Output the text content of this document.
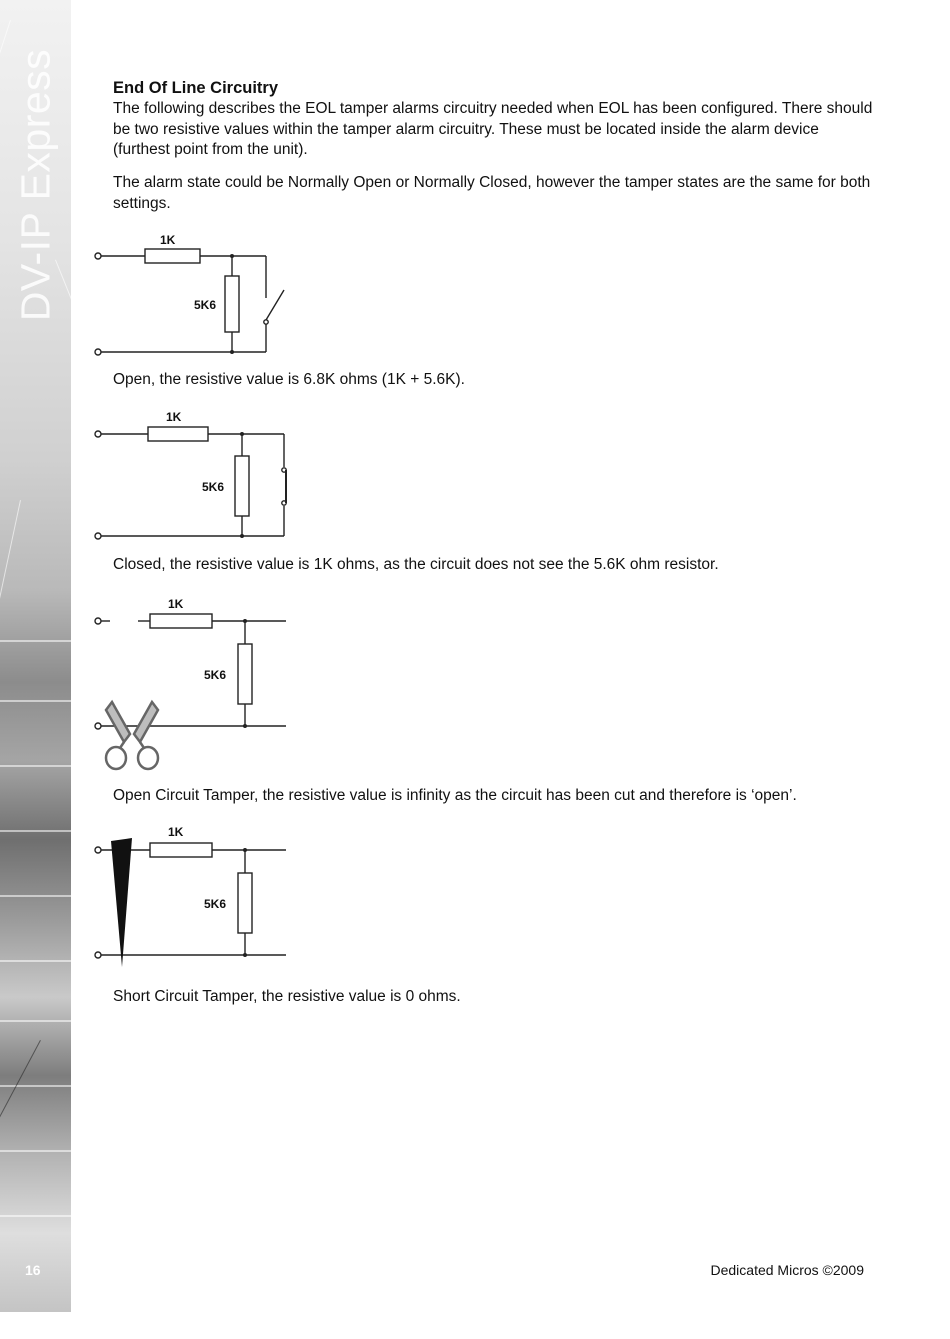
DV-IP Express
16
End Of Line Circuitry

The following describes the EOL tamper alarms circuitry needed when EOL has been configured. There should be two resistive values within the tamper alarm circuitry. These must be located inside the alarm device (furthest point from the unit).

The alarm state could be Normally Open or Normally Closed, however the tamper states are the same for both settings.

1K
5K6

Open, the resistive value is 6.8K ohms (1K + 5.6K).

1K
5K6

Closed, the resistive value is 1K ohms, as the circuit does not see the 5.6K ohm resistor.

1K
5K6

Open Circuit Tamper, the resistive value is infinity as the circuit has been cut and therefore is ‘open’.

1K
5K6

Short Circuit Tamper, the resistive value is 0 ohms.

Dedicated Micros ©2009
